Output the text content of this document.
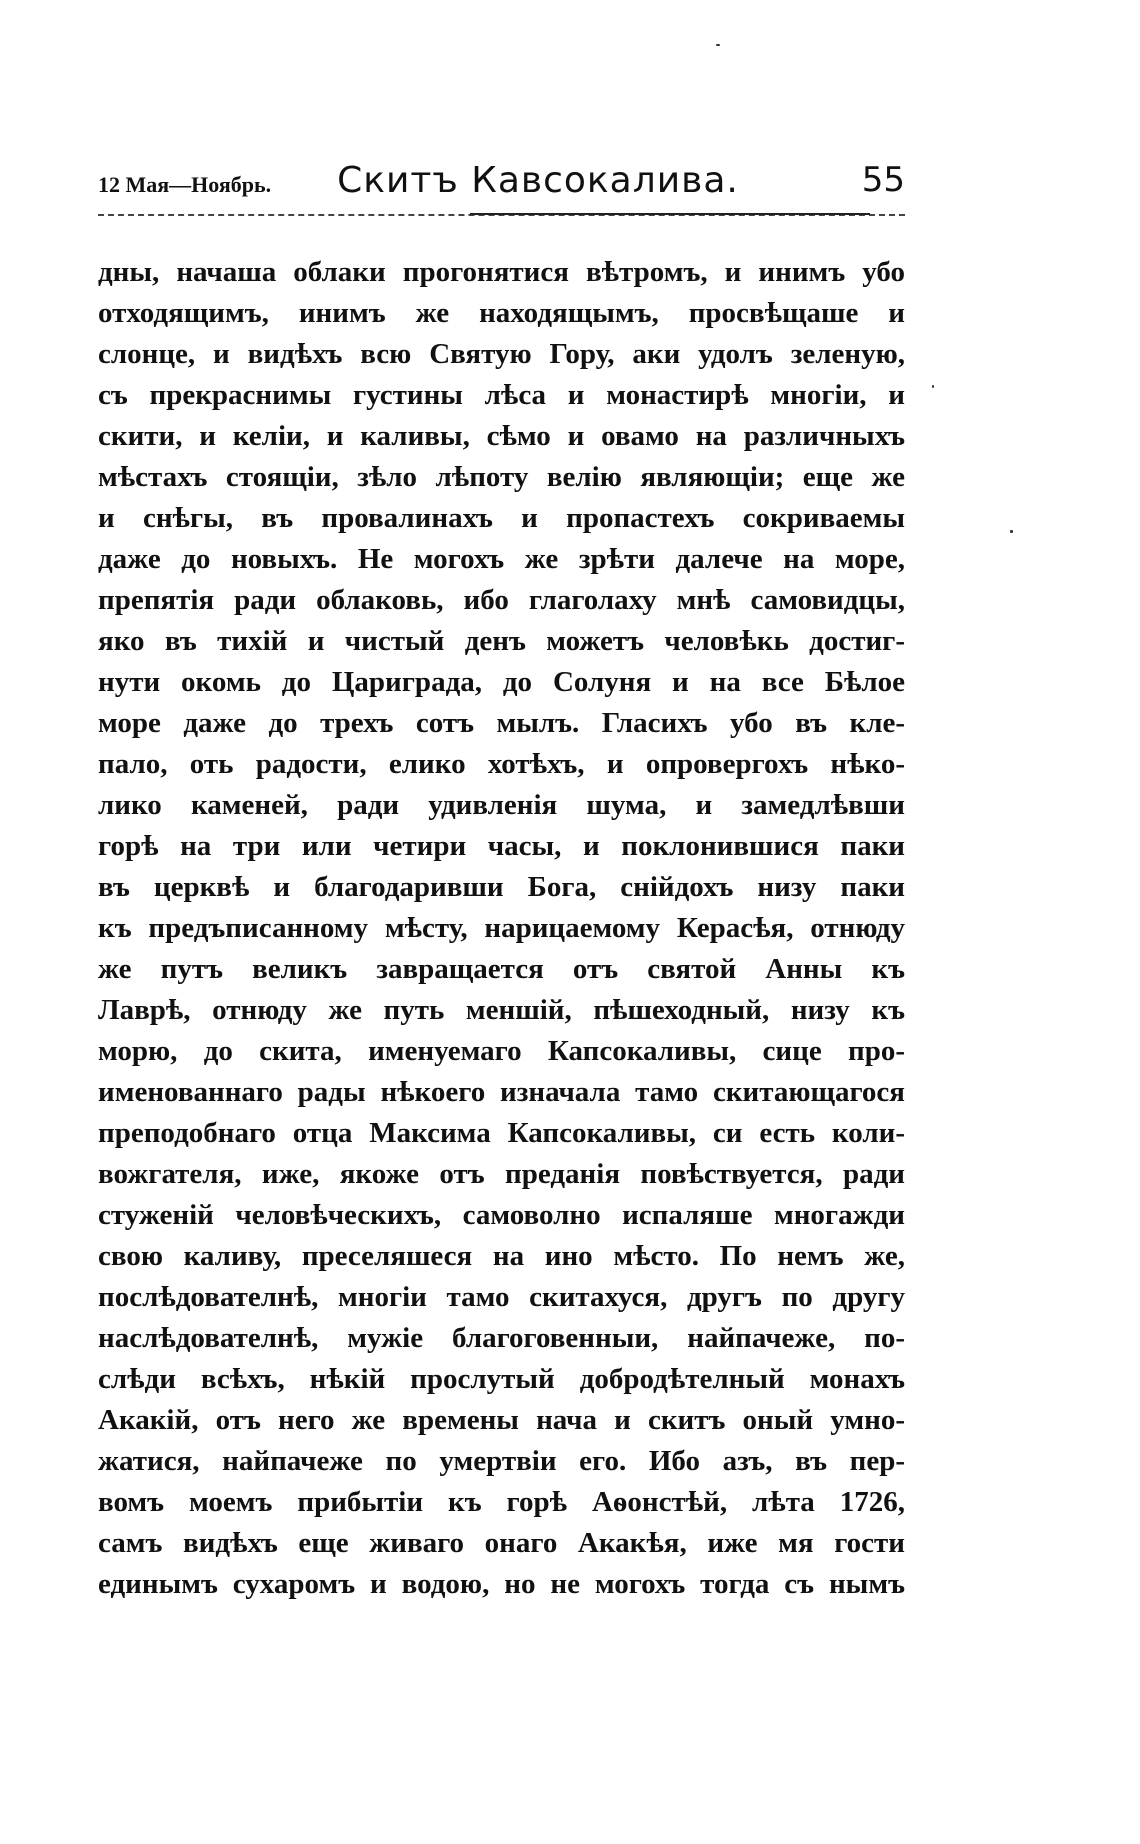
12 Мая—Ноябрь.	Скитъ Кавсокалива.	55
дны, начаша облаки прогонятися вѣтромъ, и инимъ убо
отходящимъ, инимъ же находящымъ, просвѣщаше и
слонце, и видѣхъ всю Святую Гору, аки удолъ зеленую,
съ прекраснимы густины лѣса и монастирѣ многіи, и
скити, и келіи, и каливы, сѣмо и овамо на различныхъ
мѣстахъ стоящіи, зѣло лѣпоту велію являющіи; еще же
и снѣгы, въ провалинахъ и пропастехъ сокриваемы
даже до новыхъ. Не могохъ же зрѣти далече на море,
препятія ради облаковь, ибо глаголаху мнѣ самовидцы,
яко въ тихій и чистый денъ можетъ человѣкь достиг-
нути окомь до Цариграда, до Солуня и на все Бѣлое
море даже до трехъ сотъ мылъ. Гласихъ убо въ кле-
пало, оть радости, елико хотѣхъ, и опровергохъ нѣко-
лико каменей, ради удивленія шума, и замедлѣвши
горѣ на три или четири часы, и поклонившися паки
въ церквѣ и благодаривши Бога, снійдохъ низу паки
къ предъписанному мѣсту, нарицаемому Керасѣя, отнюду
же путъ великъ завращается отъ святой Анны къ
Лаврѣ, отнюду же путь меншій, пѣшеходный, низу къ
морю, до скита, именуемаго Капсокаливы, сице про-
именованнаго рады нѣкоего изначала тамо скитающагося
преподобнаго отца Максима Капсокаливы, си есть коли-
вожгателя, иже, якоже отъ преданія повѣствуется, ради
стуженій человѣческихъ, самоволно испаляше многажди
свою каливу, преселяшеся на ино мѣсто. По немъ же,
послѣдователнѣ, многіи тамо скитахуся, другъ по другу
наслѣдователнѣ, мужіе благоговенныи, найпачеже, по-
слѣди всѣхъ, нѣкій прослутый добродѣтелный монахъ
Акакій, отъ него же времены нача и скитъ оный умно-
жатися, найпачеже по умертвіи его. Ибо азъ, въ пер-
вомъ моемъ прибытіи къ горѣ Аѳонстѣй, лѣта 1726,
самъ видѣхъ еще живаго онаго Акакѣя, иже мя гости
единымъ сухаромъ и водою, но не могохъ тогда съ нымъ
